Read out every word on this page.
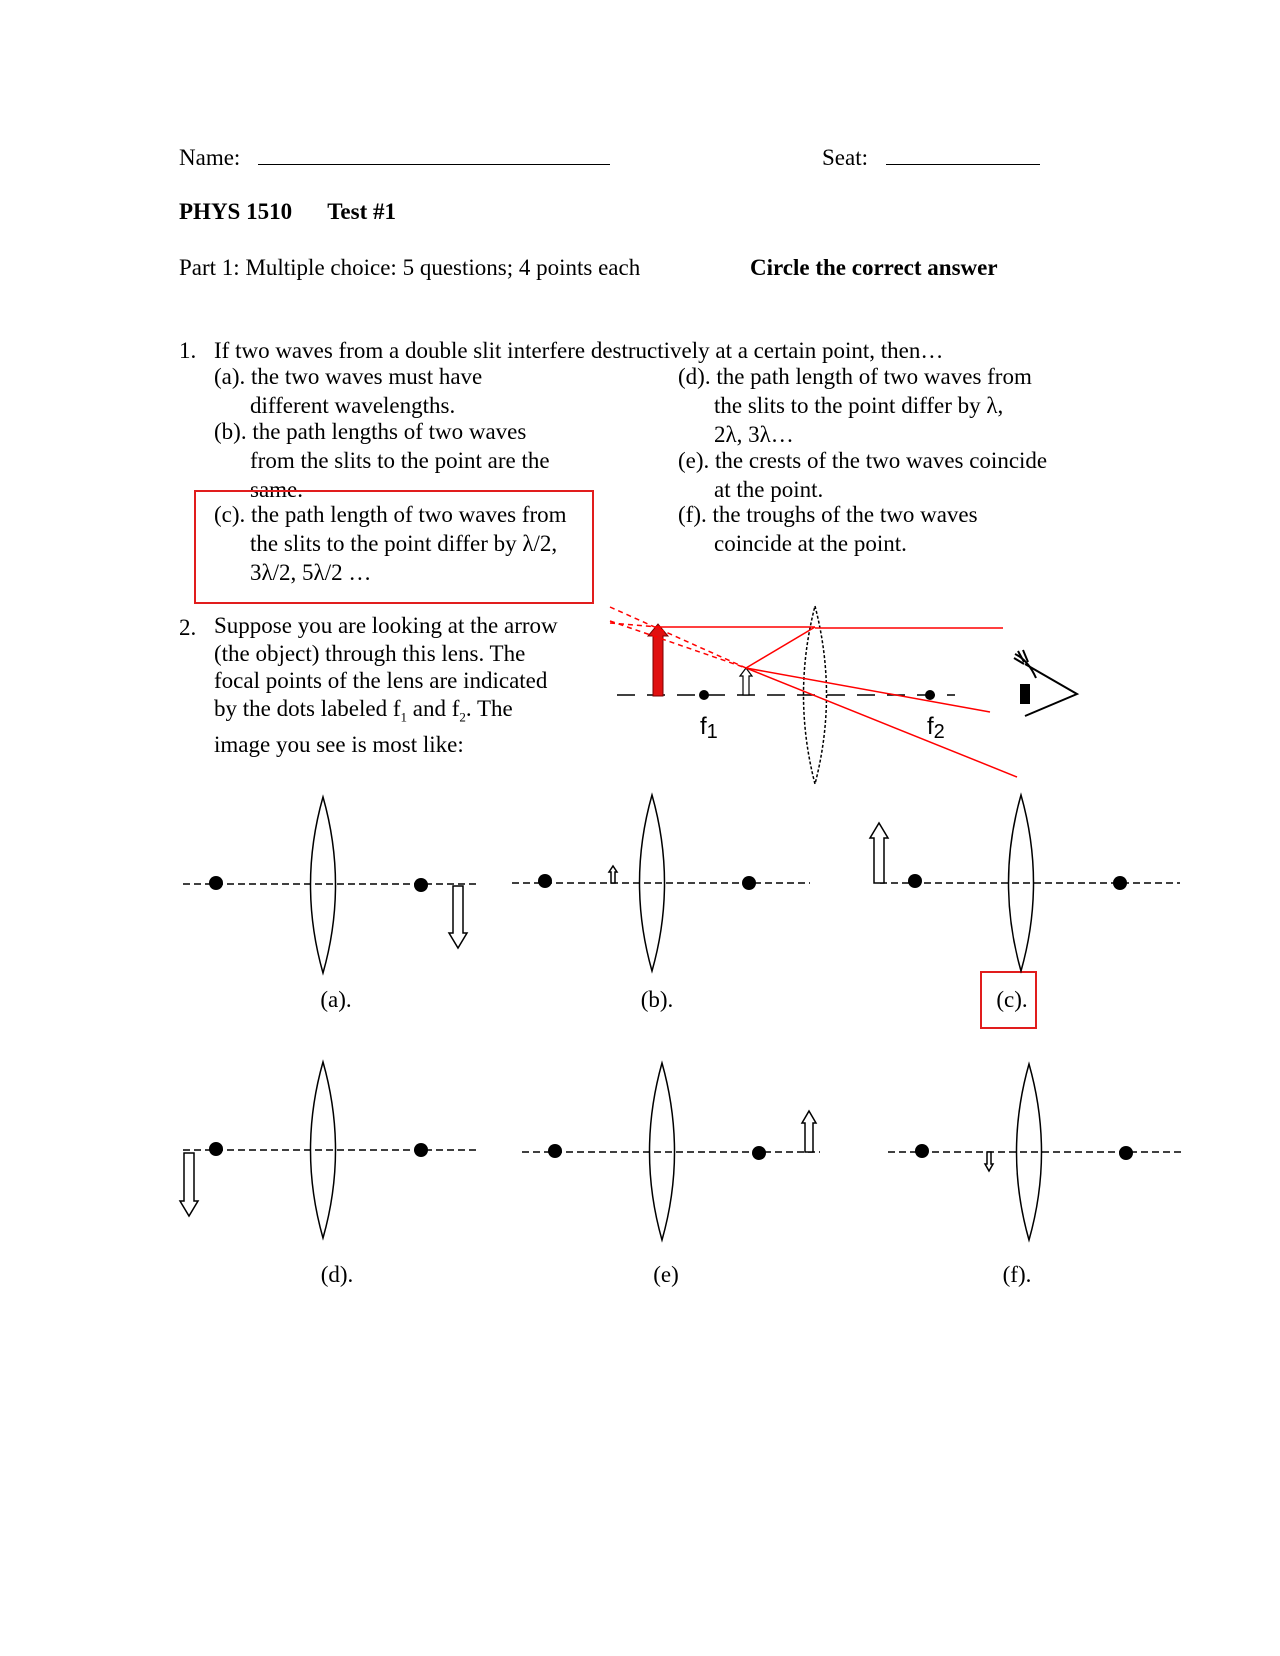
Name:	Seat:
PHYS 1510 Test #1
Part 1: Multiple choice: 5 questions; 4 points each	Circle the correct answer
1. If two waves from a double slit interfere destructively at a certain point, then…
(a). the two waves must have
different wavelengths.
(b). the path lengths of two waves
from the slits to the point are the
same.
(c). the path length of two waves from
the slits to the point differ by λ/2,
3λ/2, 5λ/2 …
(d). the path length of two waves from
the slits to the point differ by λ,
2λ, 3λ…
(e). the crests of the two waves coincide
at the point.
(f). the troughs of the two waves
coincide at the point.
2. Suppose you are looking at the arrow
(the object) through this lens. The
focal points of the lens are indicated
by the dots labeled $f_1$ and $f_2$. The
image you see is most like:
f1	f2
(a).	(b).	(c).
(d).	(e)	(f).
